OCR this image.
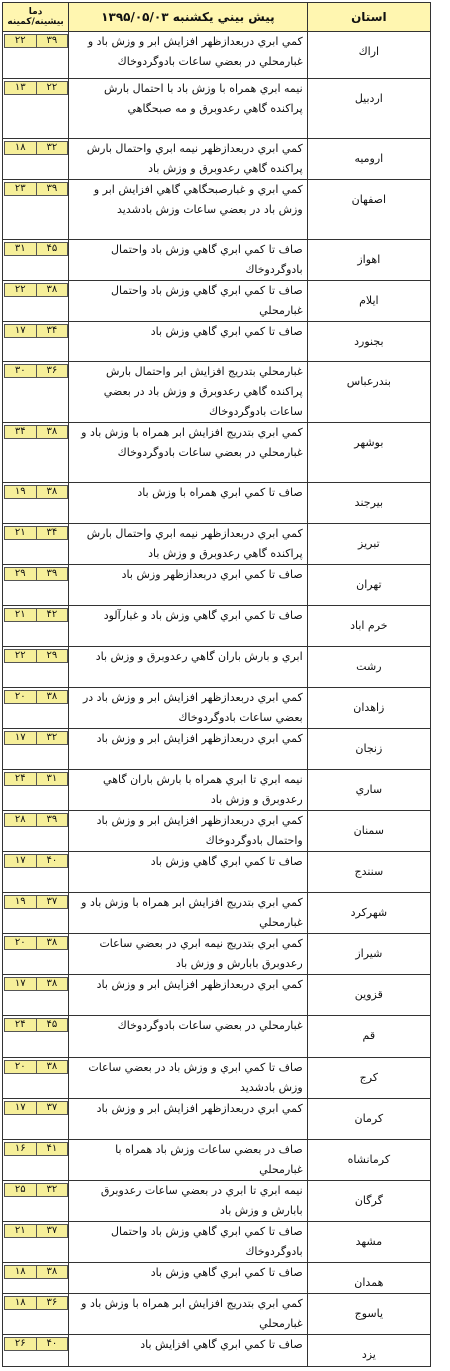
دما
بيشينه/كمينه	پيش بيني يكشنبه ۱۳۹۵/۰۵/۰۳	استان

۲۲ ۳۹	كمي ابري دربعدازظهر افزايش ابر و وزش باد و غبارمحلي در بعضي ساعات بادوگردوخاك	اراك

۱۳ ۲۲	نيمه ابري همراه با وزش باد با احتمال بارش پراكنده گاهي رعدوبرق و مه صبحگاهي	اردبيل

۱۸ ۳۲	كمي ابري دربعدازظهر نيمه ابري واحتمال بارش پراكنده گاهي رعدوبرق و وزش باد	اروميه

۲۳ ۳۹	كمي ابري و غبارصبحگاهي گاهي افزايش ابر و وزش باد در بعضي ساعات وزش بادشديد	اصفهان

۳۱ ۴۵	صاف تا كمي ابري گاهي وزش باد واحتمال بادوگردوخاك	اهواز

۲۲ ۳۸	صاف تا كمي ابري گاهي وزش باد واحتمال غبارمحلي	ايلام

۱۷ ۳۴	صاف تا كمي ابري گاهي وزش باد	بجنورد

۳۰ ۳۶	غبارمحلي بتدريج افزايش ابر واحتمال بارش پراكنده گاهي رعدوبرق و وزش باد در بعضي ساعات بادوگردوخاك	بندرعباس

۳۴ ۳۸	كمي ابري بتدريج افزايش ابر همراه با وزش باد و غبارمحلي در بعضي ساعات بادوگردوخاك	بوشهر

۱۹ ۳۸	صاف تا كمي ابري همراه با وزش باد	بيرجند

۲۱ ۳۴	كمي ابري دربعدازظهر نيمه ابري واحتمال بارش پراكنده گاهي رعدوبرق و وزش باد	تبريز

۲۹ ۳۹	صاف تا كمي ابري دربعدازظهر وزش باد	تهران

۲۱ ۴۲	صاف تا كمي ابري گاهي وزش باد و غبارآلود	خرم اباد

۲۲ ۲۹	ابري و بارش باران گاهي رعدوبرق و وزش باد	رشت

۲۰ ۳۸	كمي ابري دربعدازظهر افزايش ابر و وزش باد در بعضي ساعات بادوگردوخاك	زاهدان

۱۷ ۳۲	كمي ابري دربعدازظهر افزايش ابر و وزش باد	زنجان

۲۴ ۳۱	نيمه ابري تا ابري همراه با بارش باران گاهي رعدوبرق و وزش باد	ساري

۲۸ ۳۹	كمي ابري دربعدازظهر افزايش ابر و وزش باد واحتمال بادوگردوخاك	سمنان

۱۷ ۴۰	صاف تا كمي ابري گاهي وزش باد	سنندج

۱۹ ۳۷	كمي ابري بتدريج افزايش ابر همراه با وزش باد و غبارمحلي	شهركرد

۲۰ ۳۸	كمي ابري بتدريج نيمه ابري در بعضي ساعات رعدوبرق بابارش و وزش باد	شيراز

۱۷ ۳۸	كمي ابري دربعدازظهر افزايش ابر و وزش باد	قزوين

۲۴ ۴۵	غبارمحلي در بعضي ساعات بادوگردوخاك	قم

۲۰ ۳۸	صاف تا كمي ابري و وزش باد در بعضي ساعات وزش بادشديد	كرج

۱۷ ۳۷	كمي ابري دربعدازظهر افزايش ابر و وزش باد	كرمان

۱۶ ۴۱	صاف در بعضي ساعات وزش باد همراه با غبارمحلي	كرمانشاه

۲۵ ۳۲	نيمه ابري تا ابري در بعضي ساعات رعدوبرق بابارش و وزش باد	گرگان

۲۱ ۳۷	صاف تا كمي ابري گاهي وزش باد واحتمال بادوگردوخاك	مشهد

۱۸ ۳۸	صاف تا كمي ابري گاهي وزش باد	همدان

۱۸ ۳۶	كمي ابري بتدريج افزايش ابر همراه با وزش باد و غبارمحلي	ياسوج

۲۶ ۴۰	صاف تا كمي ابري گاهي افزايش باد	يزد
